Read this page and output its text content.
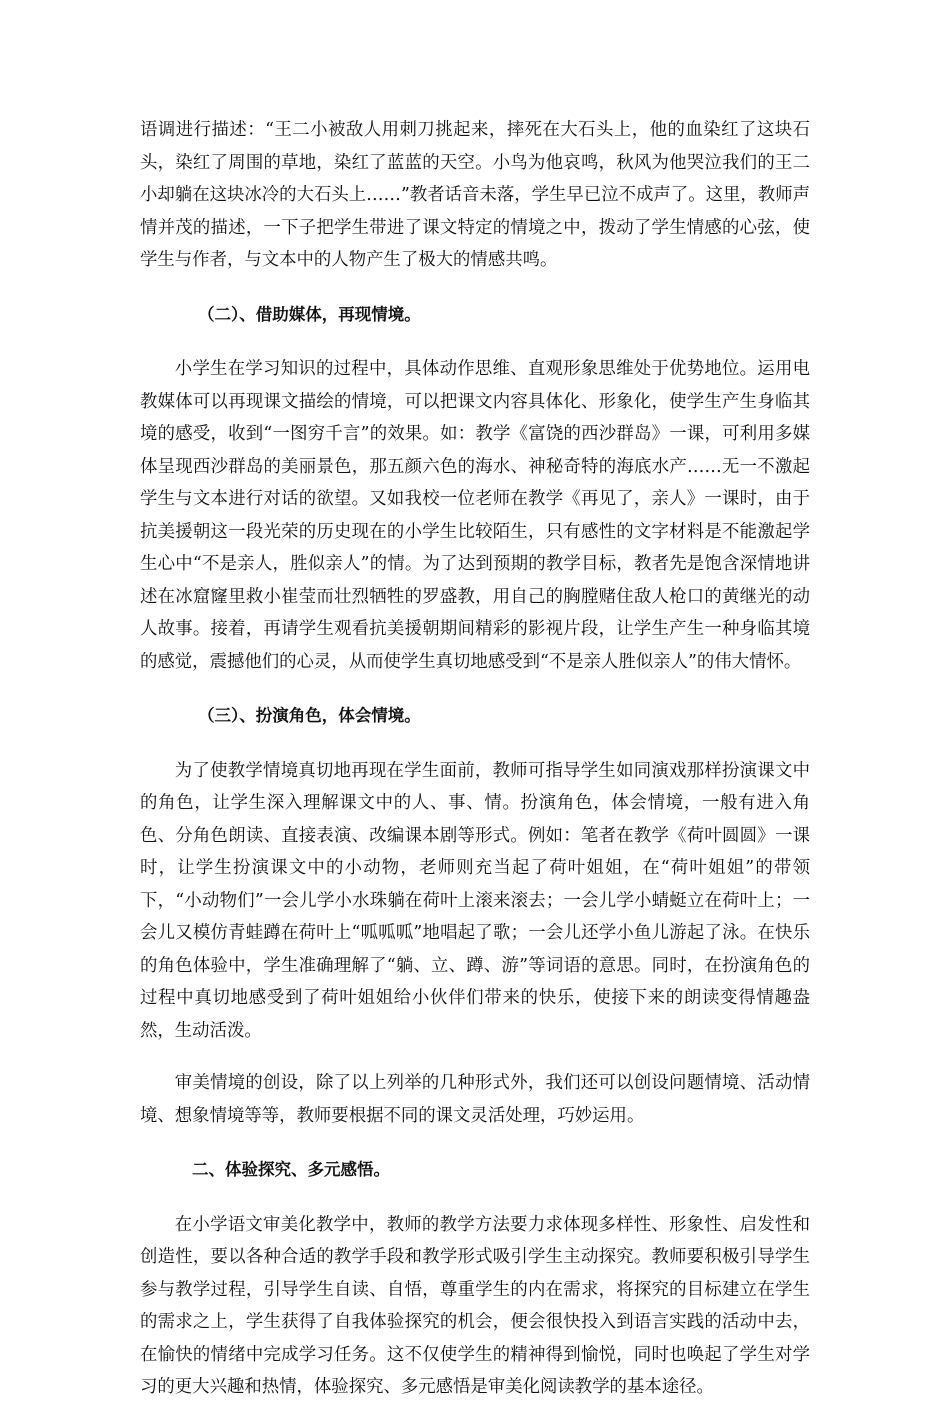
语调进行描述：“王二小被敌人用刺刀挑起来，摔死在大石头上，他的血染红了这块石头，染红了周围的草地，染红了蓝蓝的天空。小鸟为他哀鸣，秋风为他哭泣我们的王二小却躺在这块冰冷的大石头上……”教者话音未落，学生早已泣不成声了。这里，教师声情并茂的描述，一下子把学生带进了课文特定的情境之中，拨动了学生情感的心弦，使学生与作者，与文本中的人物产生了极大的情感共鸣。

（二）、借助媒体，再现情境。

小学生在学习知识的过程中，具体动作思维、直观形象思维处于优势地位。运用电教媒体可以再现课文描绘的情境，可以把课文内容具体化、形象化，使学生产生身临其境的感受，收到“一图穷千言”的效果。如：教学《富饶的西沙群岛》一课，可利用多媒体呈现西沙群岛的美丽景色，那五颜六色的海水、神秘奇特的海底水产……无一不激起学生与文本进行对话的欲望。又如我校一位老师在教学《再见了，亲人》一课时，由于抗美援朝这一段光荣的历史现在的小学生比较陌生，只有感性的文字材料是不能激起学生心中“不是亲人，胜似亲人”的情。为了达到预期的教学目标，教者先是饱含深情地讲述在冰窟窿里救小崔莹而壮烈牺牲的罗盛教，用自己的胸膛赌住敌人枪口的黄继光的动人故事。接着，再请学生观看抗美援朝期间精彩的影视片段，让学生产生一种身临其境的感觉，震撼他们的心灵，从而使学生真切地感受到“不是亲人胜似亲人”的伟大情怀。

（三）、扮演角色，体会情境。

为了使教学情境真切地再现在学生面前，教师可指导学生如同演戏那样扮演课文中的角色，让学生深入理解课文中的人、事、情。扮演角色，体会情境，一般有进入角色、分角色朗读、直接表演、改编课本剧等形式。例如：笔者在教学《荷叶圆圆》一课时，让学生扮演课文中的小动物，老师则充当起了荷叶姐姐，在“荷叶姐姐”的带领下，“小动物们”一会儿学小水珠躺在荷叶上滚来滚去；一会儿学小蜻蜓立在荷叶上；一会儿又模仿青蛙蹲在荷叶上“呱呱呱”地唱起了歌；一会儿还学小鱼儿游起了泳。在快乐的角色体验中，学生准确理解了“躺、立、蹲、游”等词语的意思。同时，在扮演角色的过程中真切地感受到了荷叶姐姐给小伙伴们带来的快乐，使接下来的朗读变得情趣盎然，生动活泼。

审美情境的创设，除了以上列举的几种形式外，我们还可以创设问题情境、活动情境、想象情境等等，教师要根据不同的课文灵活处理，巧妙运用。

二、体验探究、多元感悟。

在小学语文审美化教学中，教师的教学方法要力求体现多样性、形象性、启发性和创造性，要以各种合适的教学手段和教学形式吸引学生主动探究。教师要积极引导学生参与教学过程，引导学生自读、自悟，尊重学生的内在需求，将探究的目标建立在学生的需求之上，学生获得了自我体验探究的机会，便会很快投入到语言实践的活动中去，在愉快的情绪中完成学习任务。这不仅使学生的精神得到愉悦，同时也唤起了学生对学习的更大兴趣和热情，体验探究、多元感悟是审美化阅读教学的基本途径。
